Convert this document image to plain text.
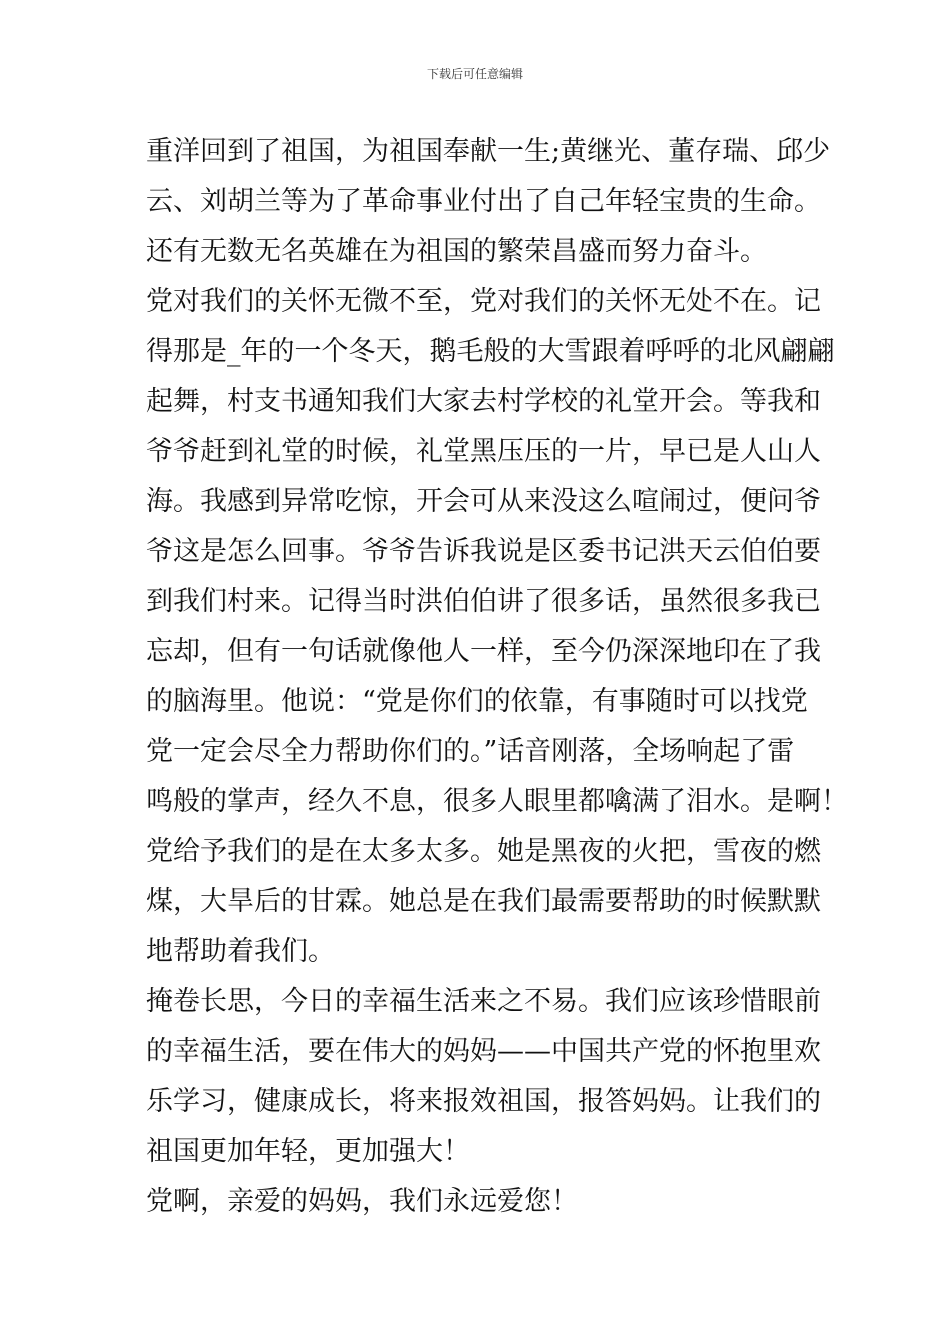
下载后可任意编辑
重洋回到了祖国，为祖国奉献一生;黄继光、董存瑞、邱少
云、刘胡兰等为了革命事业付出了自己年轻宝贵的生命。
还有无数无名英雄在为祖国的繁荣昌盛而努力奋斗。
党对我们的关怀无微不至，党对我们的关怀无处不在。记
得那是_年的一个冬天，鹅毛般的大雪跟着呼呼的北风翩翩
起舞，村支书通知我们大家去村学校的礼堂开会。等我和
爷爷赶到礼堂的时候，礼堂黑压压的一片，早已是人山人
海。我感到异常吃惊，开会可从来没这么喧闹过，便问爷
爷这是怎么回事。爷爷告诉我说是区委书记洪天云伯伯要
到我们村来。记得当时洪伯伯讲了很多话，虽然很多我已
忘却，但有一句话就像他人一样，至今仍深深地印在了我
的脑海里。他说：“党是你们的依靠，有事随时可以找党
党一定会尽全力帮助你们的。”话音刚落，全场响起了雷
鸣般的掌声，经久不息，很多人眼里都噙满了泪水。是啊！
党给予我们的是在太多太多。她是黑夜的火把，雪夜的燃
煤，大旱后的甘霖。她总是在我们最需要帮助的时候默默
地帮助着我们。
掩卷长思，今日的幸福生活来之不易。我们应该珍惜眼前
的幸福生活，要在伟大的妈妈——中国共产党的怀抱里欢
乐学习，健康成长，将来报效祖国，报答妈妈。让我们的
祖国更加年轻，更加强大！
党啊，亲爱的妈妈，我们永远爱您！
